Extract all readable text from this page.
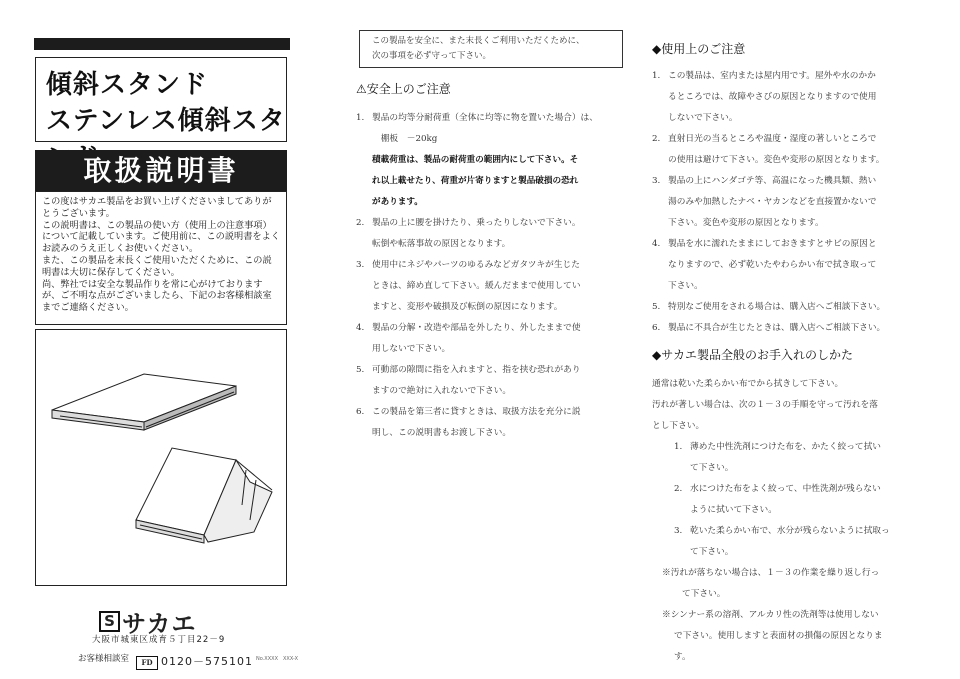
傾斜スタンド
ステンレス傾斜スタ
取扱説明書

この度はサカエ製品をお買い上げくださいましてありがとうございます。

この説明書は、この製品の使い方（使用上の注意事項）について記載しています。ご使用前に、この説明書をよくお読みのうえ正しくお使いください。

また、この製品を末長くご使用いただくために、この説明書は大切に保存してください。

尚、弊社では安全な製品作りを常に心がけておりますが、ご不明な点がございましたら、下記のお客様相談室までご連絡ください。

S サカエ
大阪市城東区成育５丁目22－9
お客様相談室	FD 0120－575101 No.XXXX　XXX-X

この製品を安全に、また末長くご利用いただくために、

次の事項を必ず守って下さい。

⚠安全上のご注意

1. 製品の均等分耐荷重（全体に均等に物を置いた場合）は、

　棚板　－20kg

積載荷重は、製品の耐荷重の範囲内にして下さい。そ

れ以上載せたり、荷重が片寄りますと製品破損の恐れ

があります。

2. 製品の上に腰を掛けたり、乗ったりしないで下さい。

転倒や転落事故の原因となります。

3. 使用中にネジやパーツのゆるみなどガタツキが生じた

ときは、締め直して下さい。緩んだままで使用してい

ますと、変形や破損及び転倒の原因になります。

4. 製品の分解・改造や部品を外したり、外したままで使

用しないで下さい。

5. 可動部の隙間に指を入れますと、指を挟む恐れがあり

ますので絶対に入れないで下さい。

6. この製品を第三者に貸すときは、取扱方法を充分に説

明し、この説明書もお渡し下さい。

◆使用上のご注意

1. この製品は、室内または屋内用です。屋外や水のかか

るところでは、故障やさびの原因となりますので使用

しないで下さい。

2. 直射日光の当るところや温度・湿度の著しいところで

の使用は避けて下さい。変色や変形の原因となります。

3. 製品の上にハンダゴテ等、高温になった機具類、熱い

湯のみや加熱したナベ・ヤカンなどを直接置かないで

下さい。変色や変形の原因となります。

4. 製品を水に濡れたままにしておきますとサビの原因と

なりますので、必ず乾いたやわらかい布で拭き取って

下さい。

5. 特別なご使用をされる場合は、購入店へご相談下さい。

6. 製品に不具合が生じたときは、購入店へご相談下さい。

◆サカエ製品全般のお手入れのしかた

通常は乾いた柔らかい布でから拭きして下さい。

汚れが著しい場合は、次の１－３の手順を守って汚れを落

とし下さい。

1. 薄めた中性洗剤につけた布を、かたく絞って拭い

て下さい。

2. 水につけた布をよく絞って、中性洗剤が残らない

ように拭いて下さい。

3. 乾いた柔らかい布で、水分が残らないように拭取っ

て下さい。

※汚れが落ちない場合は、１－３の作業を繰り返し行っ

て下さい。

※シンナー系の溶剤、アルカリ性の洗剤等は使用しない

で下さい。使用しますと表面材の損傷の原因となりま

す。
